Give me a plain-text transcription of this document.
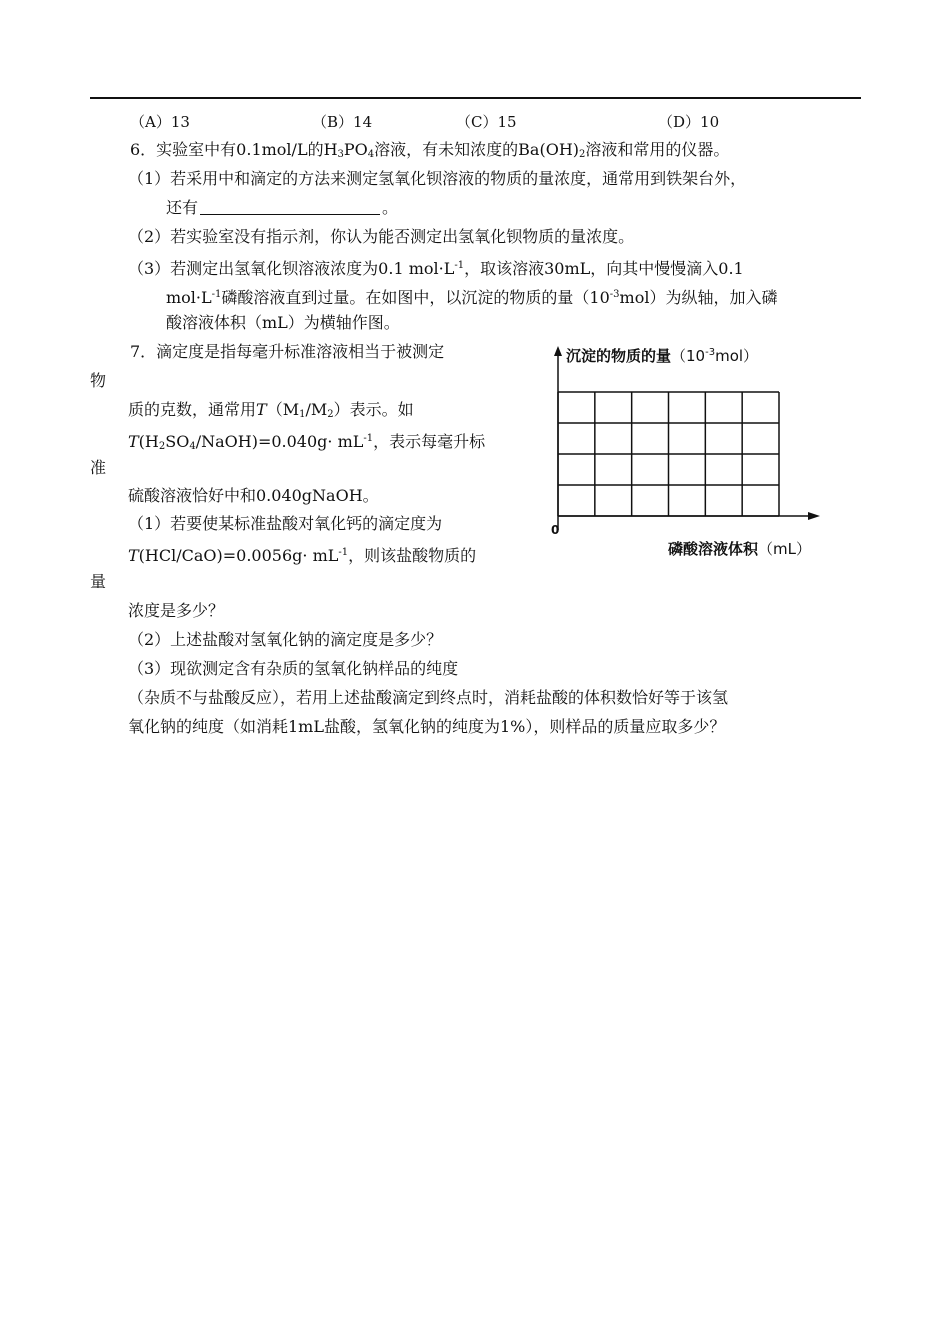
（A）13	（B）14	（C）15	（D）10
6．实验室中有0.1mol/L的$H_3PO_4$溶液，有未知浓度的$Ba(OH)_2$溶液和常用的仪器。
（1）若采用中和滴定的方法来测定氢氧化钡溶液的物质的量浓度，通常用到铁架台外，
还有	。
（2）若实验室没有指示剂，你认为能否测定出氢氧化钡物质的量浓度。
（3）若测定出氢氧化钡溶液浓度为0.1 $mol\cdot L^{-1}$，取该溶液30mL，向其中慢慢滴入0.1
$mol\cdot L^{-1}$磷酸溶液直到过量。在如图中，以沉淀的物质的量$(10^{-3}mol)$为纵轴，加入磷
酸溶液体积（mL）为横轴作图。
7．滴定度是指每毫升标准溶液相当于被测定
物
质的克数，通常用$T(M_1/M_2)$表示。如
$T(H_2SO_4/NaOH)=0.040g\cdot mL^{-1}$，表示每毫升标
准
硫酸溶液恰好中和0.040gNaOH。
（1）若要使某标准盐酸对氧化钙的滴定度为
$T(HCl/CaO)=0.0056g\cdot mL^{-1}$，则该盐酸物质的
量
浓度是多少？
（2）上述盐酸对氢氧化钠的滴定度是多少？
（3）现欲测定含有杂质的氢氧化钠样品的纯度
（杂质不与盐酸反应），若用上述盐酸滴定到终点时，消耗盐酸的体积数恰好等于该氢
氧化钠的纯度（如消耗1mL盐酸，氢氧化钠的纯度为1%），则样品的质量应取多少？
沉淀的物质的量$(10^{-3}mol)$
0
磷酸溶液体积（mL）
